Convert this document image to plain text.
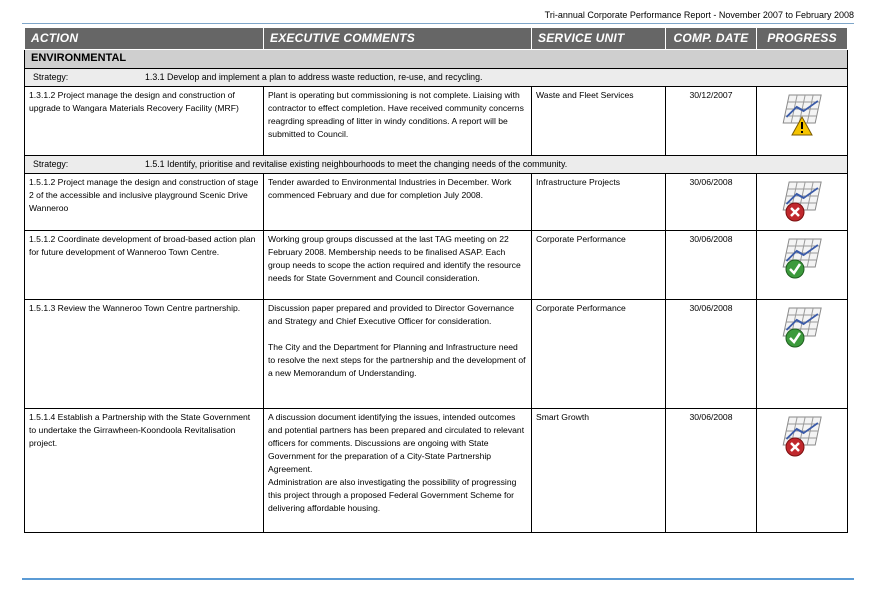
Tri-annual Corporate Performance Report - November 2007 to February 2008
ACTION	EXECUTIVE COMMENTS	SERVICE UNIT	COMP. DATE	PROGRESS
ENVIRONMENTAL				
Strategy: 1.3.1 Develop and implement a plan to address waste reduction, re-use, and recycling.				
1.3.1.2 Project manage the design and construction of upgrade to Wangara Materials Recovery Facility (MRF)	Plant is operating but commissioning is not complete. Liaising with contractor to effect completion. Have received community concerns reagrding spreading of litter in windy conditions. A report will be submitted to Council.	Waste and Fleet Services	30/12/2007	
Strategy: 1.5.1 Identify, prioritise and revitalise existing neighbourhoods to meet the changing needs of the community.				
1.5.1.2 Project manage the design and construction of stage 2 of the accessible and inclusive playground Scenic Drive Wanneroo	Tender awarded to Environmental Industries in December. Work commenced February and due for completion July 2008.	Infrastructure Projects	30/06/2008	
1.5.1.2 Coordinate development of broad-based action plan for future development of Wanneroo Town Centre.	Working group groups discussed at the last TAG meeting on 22 February 2008. Membership needs to be finalised ASAP. Each group needs to scope the action required and identify the resource needs for State Government and Council consideration.	Corporate Performance	30/06/2008	
1.5.1.3 Review the Wanneroo Town Centre partnership.	Discussion paper prepared and provided to Director Governance and Strategy and Chief Executive Officer for consideration.
The City and the Department for Planning and Infrastructure need to resolve the next steps for the partnership and the development of a new Memorandum of Understanding.	Corporate Performance	30/06/2008	
1.5.1.4 Establish a Partnership with the State Government to undertake the Girrawheen-Koondoola Revitalisation project.	A discussion document identifying the issues, intended outcomes and potential partners has been prepared and circulated to relevant officers for comments. Discussions are ongoing with State Government for the preparation of a City-State Partnership Agreement.
Administration are also investigating the possibility of progressing this project through a proposed Federal Government Scheme for delivering affordable housing.	Smart Growth	30/06/2008	
